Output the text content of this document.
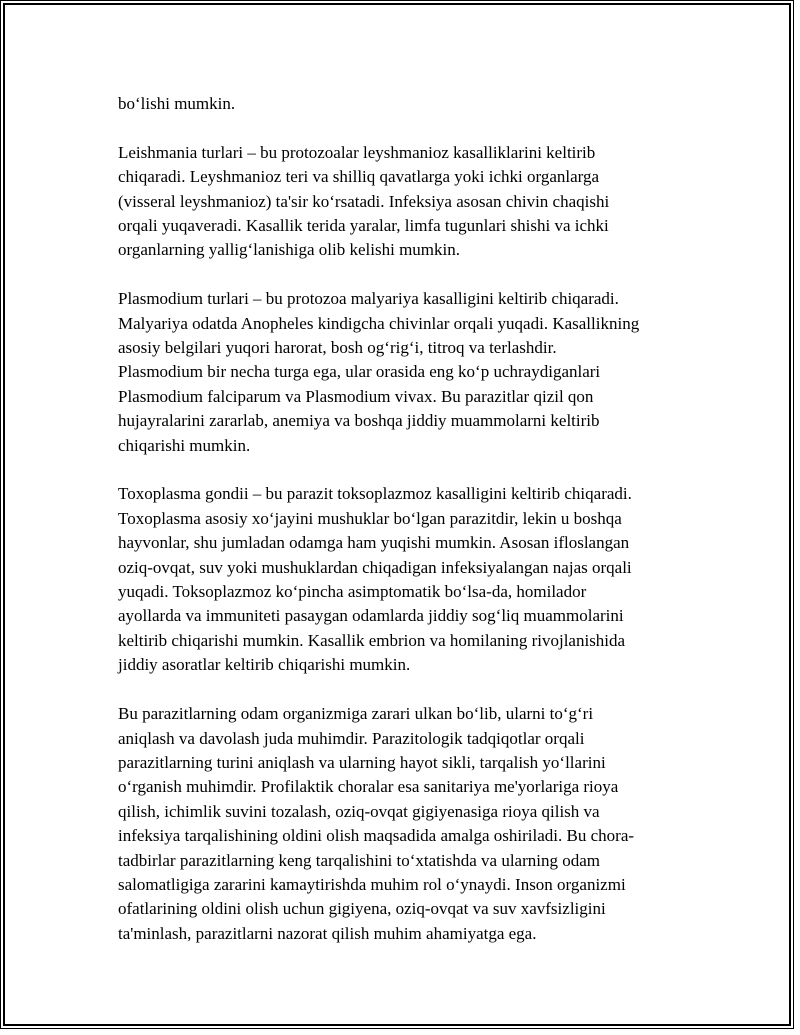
bo‘lishi mumkin.

Leishmania turlari – bu protozoalar leyshmanioz kasalliklarini keltirib
chiqaradi. Leyshmanioz teri va shilliq qavatlarga yoki ichki organlarga
(visseral leyshmanioz) ta'sir ko‘rsatadi. Infeksiya asosan chivin chaqishi
orqali yuqaveradi. Kasallik terida yaralar, limfa tugunlari shishi va ichki
organlarning yallig‘lanishiga olib kelishi mumkin.

Plasmodium turlari – bu protozoa malyariya kasalligini keltirib chiqaradi.
Malyariya odatda Anopheles kindigcha chivinlar orqali yuqadi. Kasallikning
asosiy belgilari yuqori harorat, bosh og‘rig‘i, titroq va terlashdir.
Plasmodium bir necha turga ega, ular orasida eng ko‘p uchraydiganlari
Plasmodium falciparum va Plasmodium vivax. Bu parazitlar qizil qon
hujayralarini zararlab, anemiya va boshqa jiddiy muammolarni keltirib
chiqarishi mumkin.

Toxoplasma gondii – bu parazit toksoplazmoz kasalligini keltirib chiqaradi.
Toxoplasma asosiy xo‘jayini mushuklar bo‘lgan parazitdir, lekin u boshqa
hayvonlar, shu jumladan odamga ham yuqishi mumkin. Asosan ifloslangan
oziq-ovqat, suv yoki mushuklardan chiqadigan infeksiyalangan najas orqali
yuqadi. Toksoplazmoz ko‘pincha asimptomatik bo‘lsa-da, homilador
ayollarda va immuniteti pasaygan odamlarda jiddiy sog‘liq muammolarini
keltirib chiqarishi mumkin. Kasallik embrion va homilaning rivojlanishida
jiddiy asoratlar keltirib chiqarishi mumkin.

Bu parazitlarning odam organizmiga zarari ulkan bo‘lib, ularni to‘g‘ri
aniqlash va davolash juda muhimdir. Parazitologik tadqiqotlar orqali
parazitlarning turini aniqlash va ularning hayot sikli, tarqalish yo‘llarini
o‘rganish muhimdir. Profilaktik choralar esa sanitariya me'yorlariga rioya
qilish, ichimlik suvini tozalash, oziq-ovqat gigiyenasiga rioya qilish va
infeksiya tarqalishining oldini olish maqsadida amalga oshiriladi. Bu chora-
tadbirlar parazitlarning keng tarqalishini to‘xtatishda va ularning odam
salomatligiga zararini kamaytirishda muhim rol o‘ynaydi. Inson organizmi
ofatlarining oldini olish uchun gigiyena, oziq-ovqat va suv xavfsizligini
ta'minlash, parazitlarni nazorat qilish muhim ahamiyatga ega.
